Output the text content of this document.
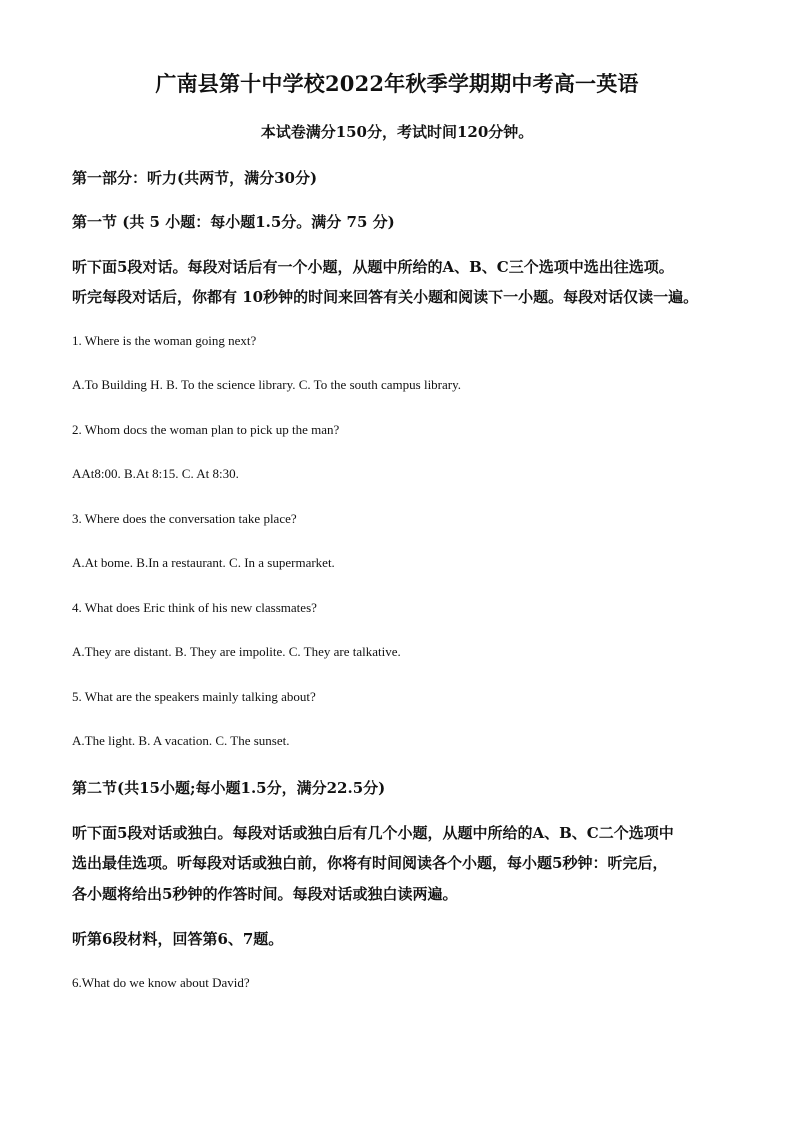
广南县第十中学校2022年秋季学期期中考高一英语
本试卷满分150分，考试时间120分钟。
第一部分：听力(共两节，满分30分)
第一节 (共 5 小题：每小题1.5分。满分 75 分)
听下面5段对话。每段对话后有一个小题，从题中所给的A、B、C三个选项中选出往选项。
听完每段对话后，你都有 10秒钟的时间来回答有关小题和阅读下一小题。每段对话仅读一遍。
1. Where is the woman going next?
A.To Building H. B. To the science library. C. To the south campus library.
2. Whom docs the woman plan to pick up the man?
AAt8:00. B.At 8:15. C. At 8:30.
3. Where does the conversation take place?
A.At bome. B.In a restaurant. C. In a supermarket.
4. What does Eric think of his new classmates?
A.They are distant. B. They are impolite. C. They are talkative.
5. What are the speakers mainly talking about?
A.The light. B. A vacation. C. The sunset.
第二节(共15小题;每小题1.5分，满分22.5分)
听下面5段对话或独白。每段对话或独白后有几个小题，从题中所给的A、B、C二个选项中
选出最佳选项。听每段对话或独白前，你将有时间阅读各个小题，每小题5秒钟：听完后，
各小题将给出5秒钟的作答时间。每段对话或独白读两遍。
听第6段材料，回答第6、7题。
6.What do we know about David?
